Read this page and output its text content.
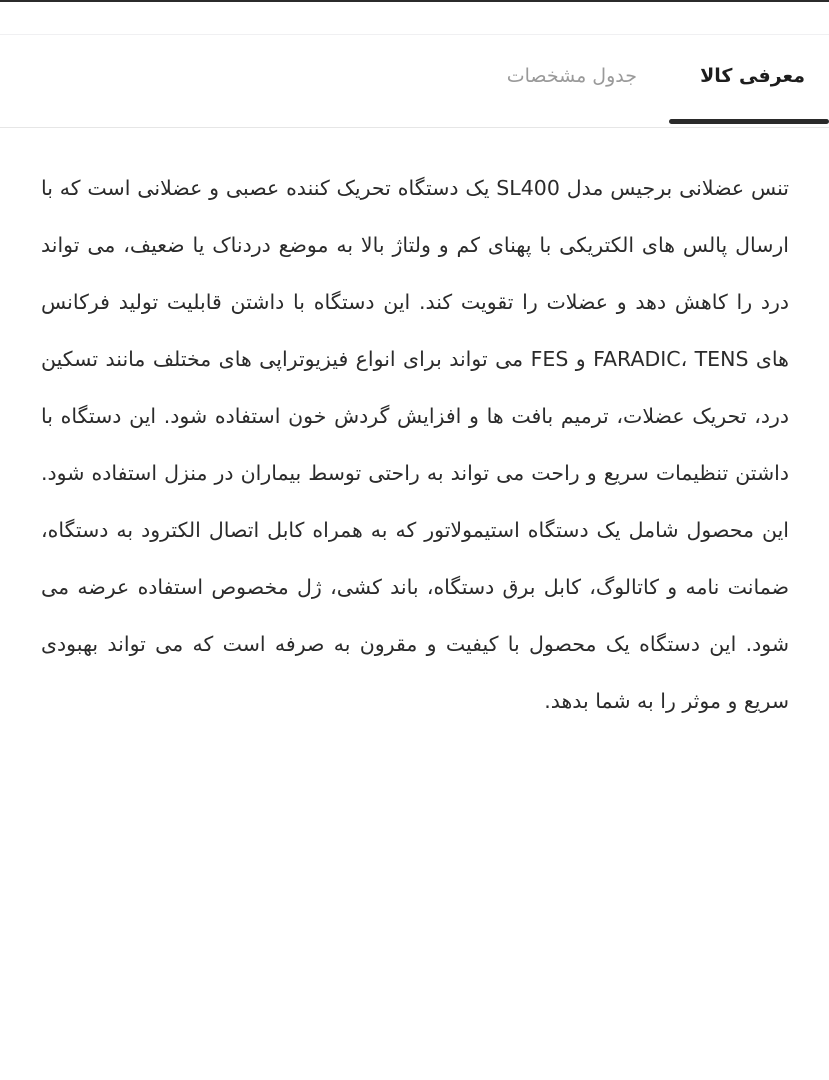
معرفی کالا
جدول مشخصات

تنس عضلانی برجیس مدل SL400 یک دستگاه تحریک کننده عصبی و عضلانی است که با ارسال پالس های الکتریکی با پهنای کم و ولتاژ بالا به موضع دردناک یا ضعیف، می تواند درد را کاهش دهد و عضلات را تقویت کند. این دستگاه با داشتن قابلیت تولید فرکانس های FARADIC، TENS و FES می تواند برای انواع فیزیوتراپی های مختلف مانند تسکین درد، تحریک عضلات، ترمیم بافت ها و افزایش گردش خون استفاده شود. این دستگاه با داشتن تنظیمات سریع و راحت می تواند به راحتی توسط بیماران در منزل استفاده شود. این محصول شامل یک دستگاه استیمولاتور که به همراه کابل اتصال الکترود به دستگاه، ضمانت نامه و کاتالوگ، کابل برق دستگاه، باند کشی، ژل مخصوص استفاده عرضه می شود. این دستگاه یک محصول با کیفیت و مقرون به صرفه است که می تواند بهبودی سریع و موثر را به شما بدهد.
